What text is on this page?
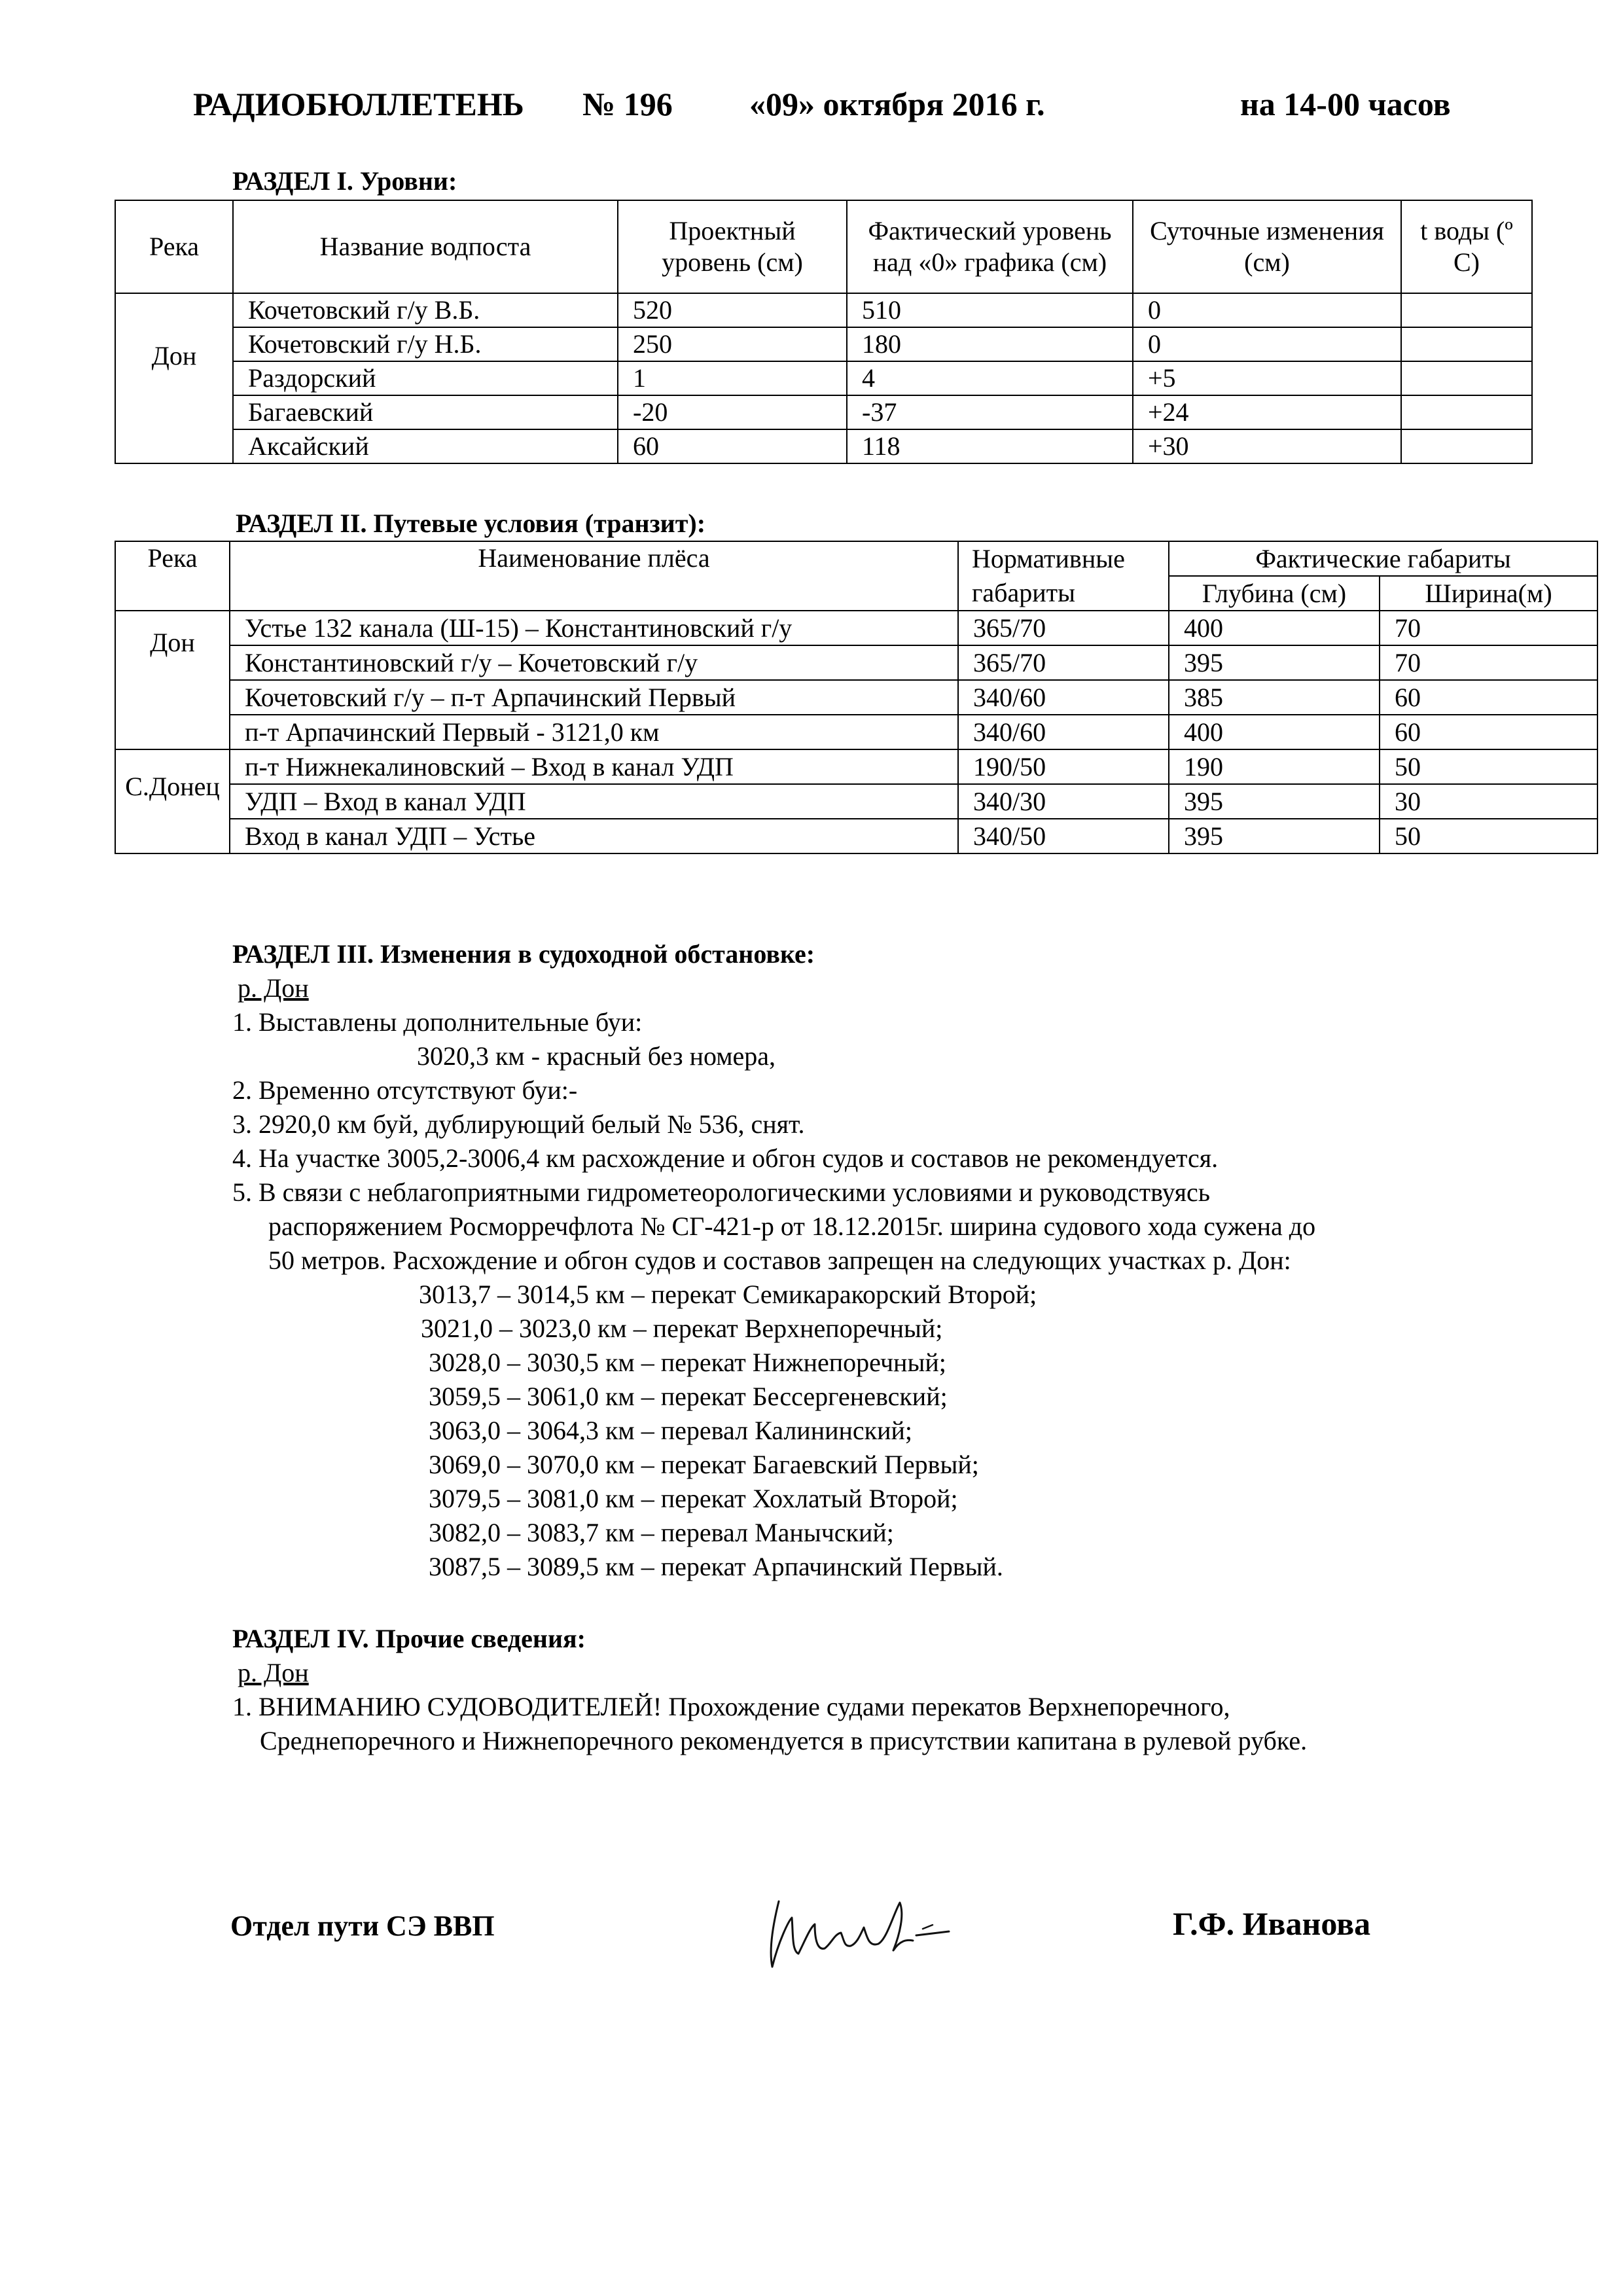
РАДИОБЮЛЛЕТЕНЬ № 196 «09» октября 2016 г.	на 14-00 часов
РАЗДЕЛ I. Уровни:
Река	Название водпоста	Проектный уровень (см)	Фактический уровень над «0» графика (см)	Суточные изменения (см)	t воды (º С)
Дон	Кочетовский г/у В.Б.	520	510	0	
	Кочетовский г/у Н.Б.	250	180	0	
	Раздорский	1	4	+5	
	Багаевский	-20	-37	+24	
	Аксайский	60	118	+30	
РАЗДЕЛ II. Путевые условия (транзит):
Река	Наименование плёса	Нормативные габариты	Фактические габариты	
			Глубина (см)	Ширина(м)
Дон	Устье 132 канала (Ш-15) – Константиновский г/у	365/70	400	70
	Константиновский г/у – Кочетовский г/у	365/70	395	70
	Кочетовский г/у – п-т Арпачинский Первый	340/60	385	60
	п-т Арпачинский Первый - 3121,0 км	340/60	400	60
С.Донец	п-т Нижнекалиновский – Вход в канал УДП	190/50	190	50
	УДП – Вход в канал УДП	340/30	395	30
	Вход в канал УДП – Устье	340/50	395	50
РАЗДЕЛ III. Изменения в судоходной обстановке:
р. Дон
1. Выставлены дополнительные буи:
3020,3 км - красный без номера,
2. Временно отсутствуют буи:-
3. 2920,0 км буй, дублирующий белый № 536, снят.
4. На участке 3005,2-3006,4 км расхождение и обгон судов и составов не рекомендуется.
5. В связи с неблагоприятными гидрометеорологическими условиями и руководствуясь
распоряжением Росморречфлота № СГ-421-р от 18.12.2015г. ширина судового хода сужена до
50 метров. Расхождение и обгон судов и составов запрещен на следующих участках р. Дон:
3013,7 – 3014,5 км – перекат Семикаракорский Второй;
3021,0 – 3023,0 км – перекат Верхнепоречный;
3028,0 – 3030,5 км – перекат Нижнепоречный;
3059,5 – 3061,0 км – перекат Бессергеневский;
3063,0 – 3064,3 км – перевал Калининский;
3069,0 – 3070,0 км – перекат Багаевский Первый;
3079,5 – 3081,0 км – перекат Хохлатый Второй;
3082,0 – 3083,7 км – перевал Манычский;
3087,5 – 3089,5 км – перекат Арпачинский Первый.
РАЗДЕЛ IV. Прочие сведения:
р. Дон
1. ВНИМАНИЮ СУДОВОДИТЕЛЕЙ! Прохождение судами перекатов Верхнепоречного,
Среднепоречного и Нижнепоречного рекомендуется в присутствии капитана в рулевой рубке.
Отдел пути СЭ ВВП	Г.Ф. Иванова
